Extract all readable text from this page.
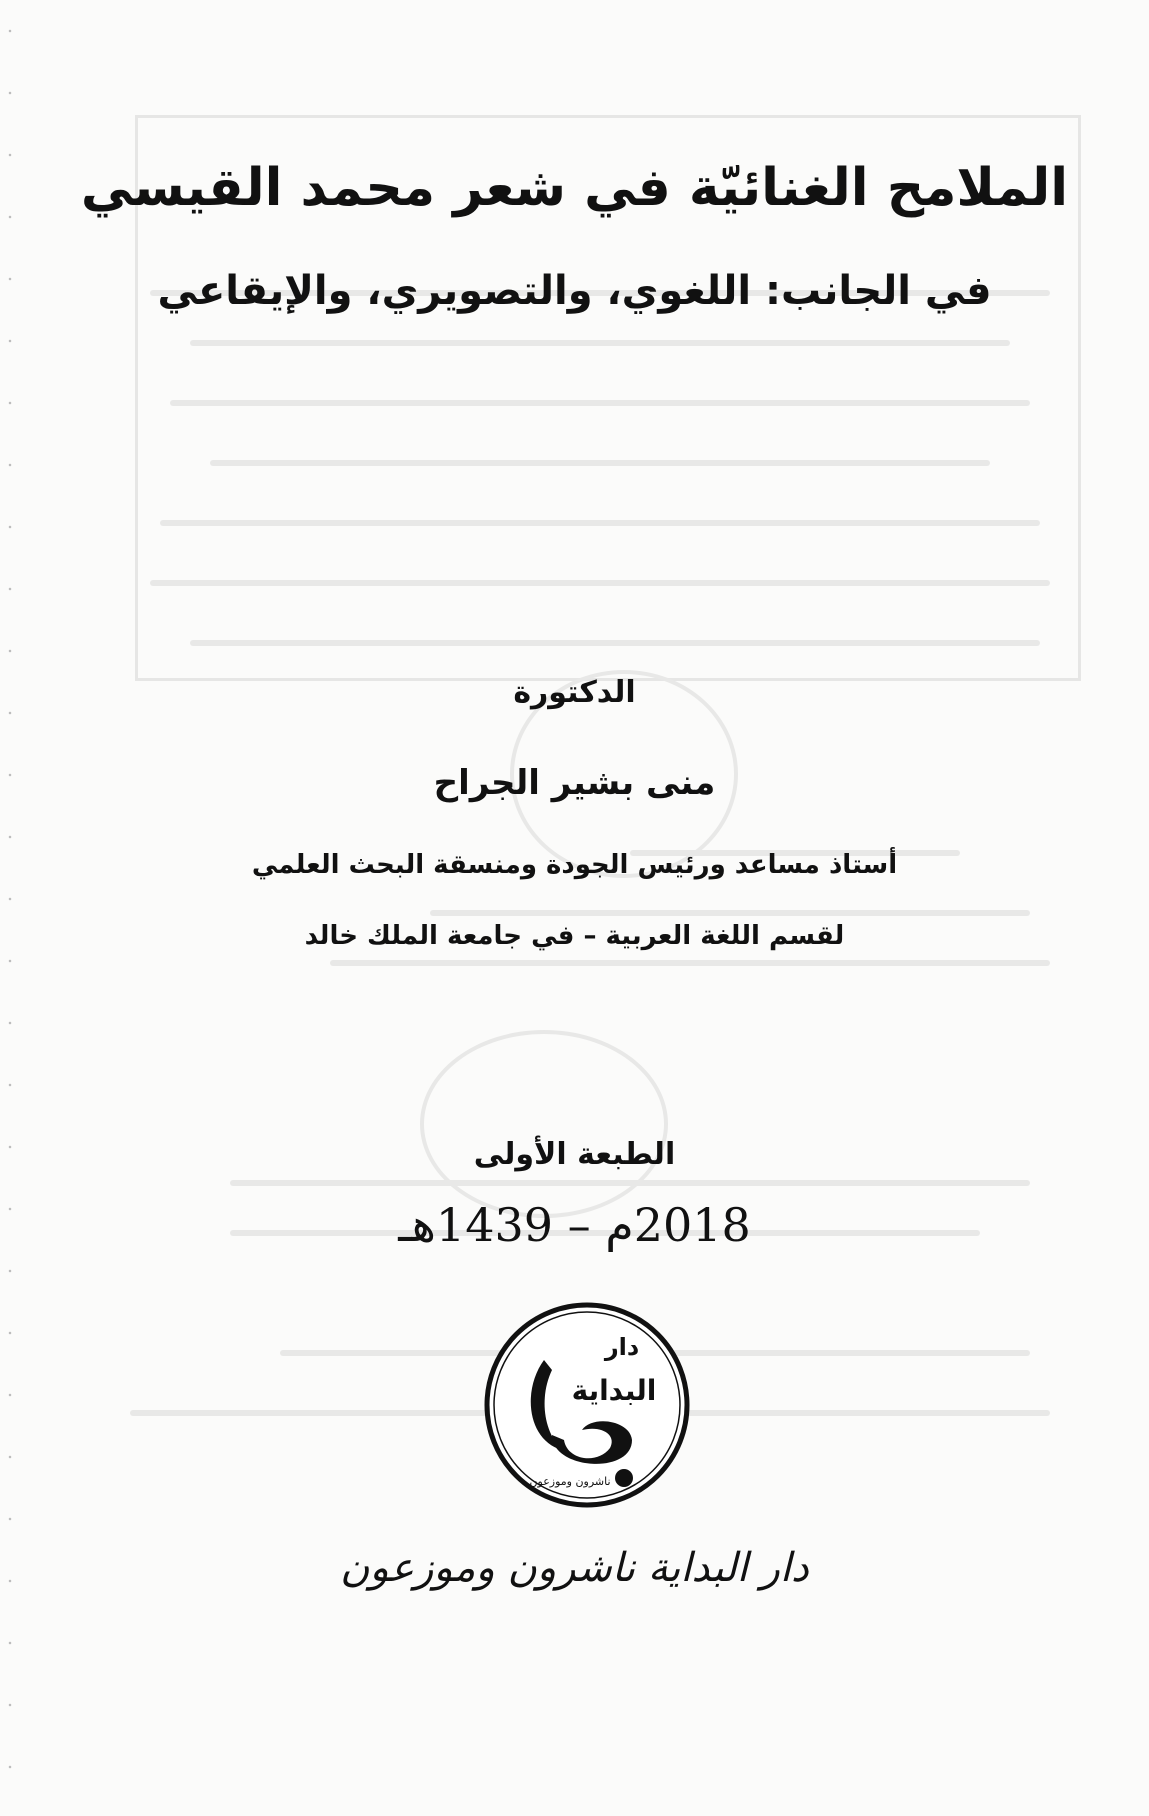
الملامح الغنائيّة في شعر محمد القيسي
في الجانب: اللغوي، والتصويري، والإيقاعي
الدكتورة
منى بشير الجراح
أستاذ مساعد ورئيس الجودة ومنسقة البحث العلمي
لقسم اللغة العربية – في جامعة الملك خالد
الطبعة الأولى
2018م – 1439هـ
دار
البداية
ناشرون وموزعون
دار البداية ناشرون وموزعون
